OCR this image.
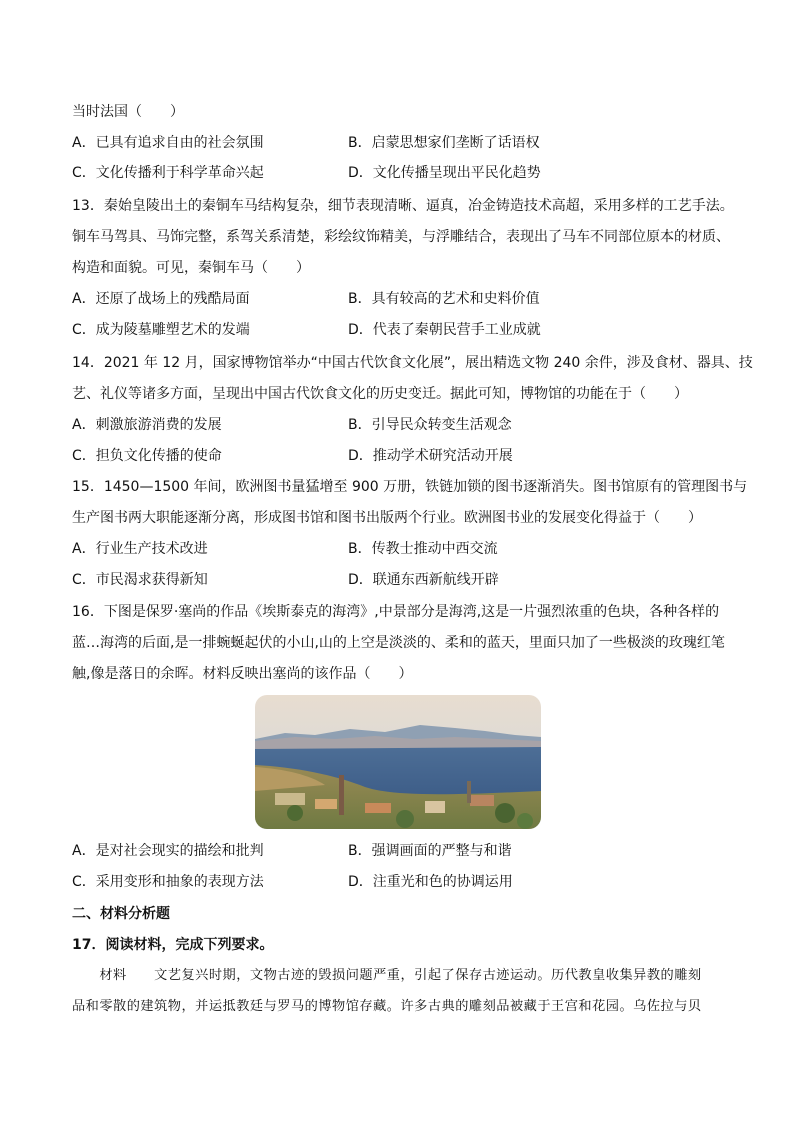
当时法国（　　）
A．已具有追求自由的社会氛围	B．启蒙思想家们垄断了话语权
C．文化传播利于科学革命兴起	D．文化传播呈现出平民化趋势
13．秦始皇陵出土的秦铜车马结构复杂，细节表现清晰、逼真，冶金铸造技术高超，采用多样的工艺手法。
铜车马驾具、马饰完整，系驾关系清楚，彩绘纹饰精美，与浮雕结合，表现出了马车不同部位原本的材质、
构造和面貌。可见，秦铜车马（　　）
A．还原了战场上的残酷局面	B．具有较高的艺术和史料价值
C．成为陵墓雕塑艺术的发端	D．代表了秦朝民营手工业成就
14．2021 年 12 月，国家博物馆举办“中国古代饮食文化展”，展出精选文物 240 余件，涉及食材、器具、技
艺、礼仪等诸多方面，呈现出中国古代饮食文化的历史变迁。据此可知，博物馆的功能在于（　　）
A．刺激旅游消费的发展	B．引导民众转变生活观念
C．担负文化传播的使命	D．推动学术研究活动开展
15．1450—1500 年间，欧洲图书量猛增至 900 万册，铁链加锁的图书逐渐消失。图书馆原有的管理图书与
生产图书两大职能逐渐分离，形成图书馆和图书出版两个行业。欧洲图书业的发展变化得益于（　　）
A．行业生产技术改进	B．传教士推动中西交流
C．市民渴求获得新知	D．联通东西新航线开辟
16．下图是保罗·塞尚的作品《埃斯泰克的海湾》,中景部分是海湾,这是一片强烈浓重的色块，各种各样的
蓝…海湾的后面,是一排蜿蜒起伏的小山,山的上空是淡淡的、柔和的蓝天，里面只加了一些极淡的玫瑰红笔
触,像是落日的余晖。材料反映出塞尚的该作品（　　）
A．是对社会现实的描绘和批判	B．强调画面的严整与和谐
C．采用变形和抽象的表现方法	D．注重光和色的协调运用
二、材料分析题
17．阅读材料，完成下列要求。
　　材料　　文艺复兴时期，文物古迹的毁损问题严重，引起了保存古迹运动。历代教皇收集异教的雕刻
品和零散的建筑物，并运抵教廷与罗马的博物馆存藏。许多古典的雕刻品被藏于王宫和花园。乌佐拉与贝
